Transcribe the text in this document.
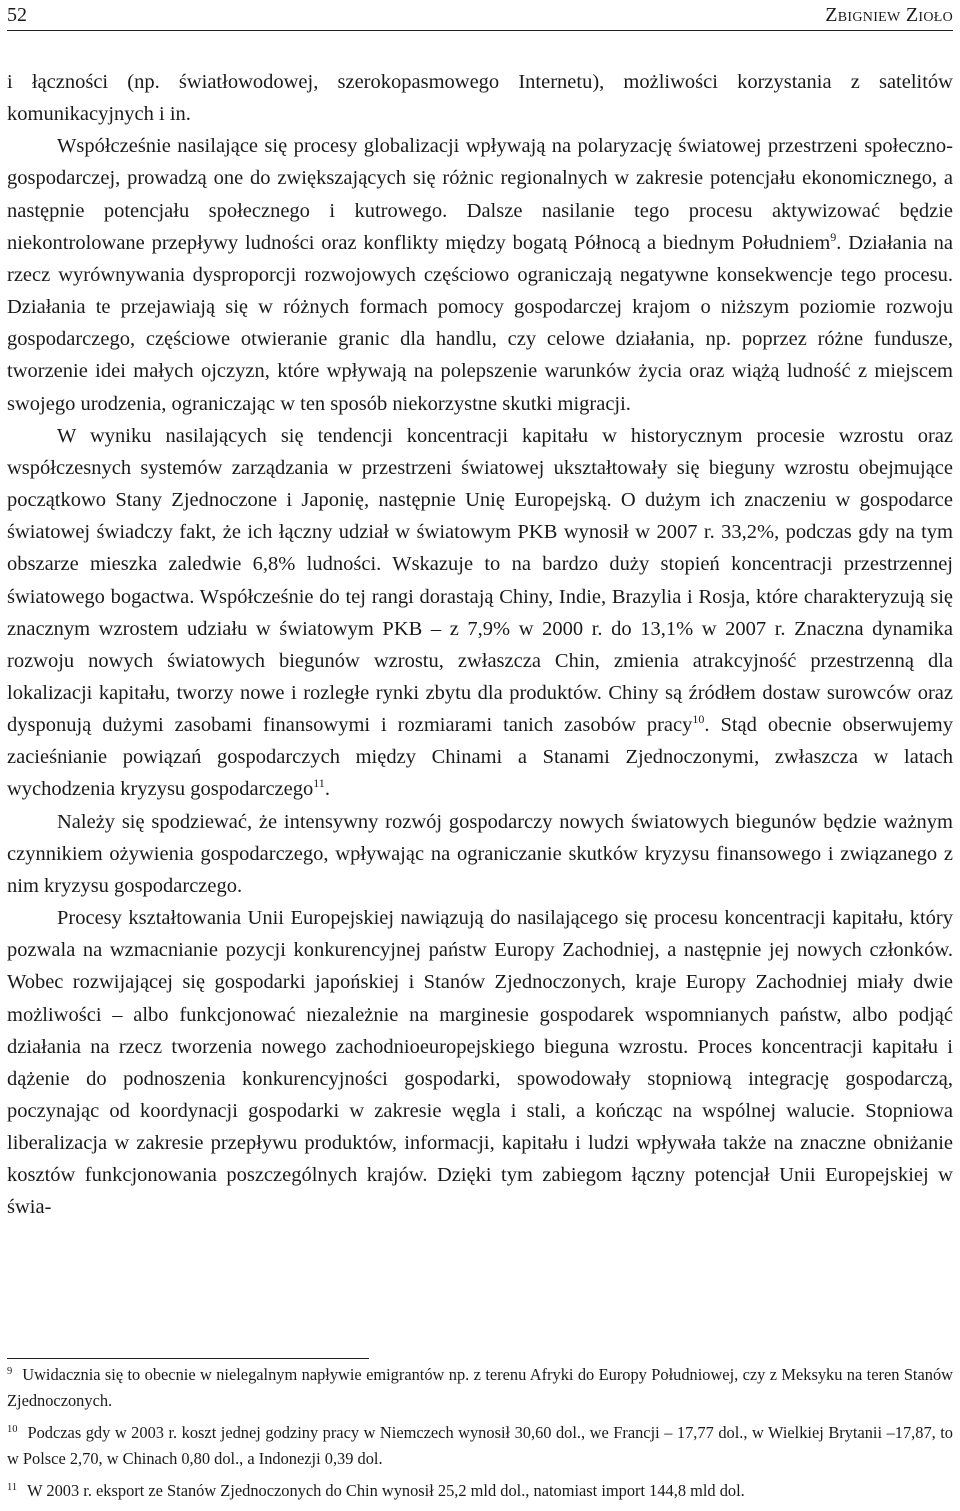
52	Zbigniew Zioło

i łączności (np. światłowodowej, szerokopasmowego Internetu), możliwości korzystania z satelitów komunikacyjnych i in.

Współcześnie nasilające się procesy globalizacji wpływają na polaryzację światowej przestrzeni społeczno-gospodarczej, prowadzą one do zwiększających się różnic regionalnych w zakresie potencjału ekonomicznego, a następnie potencjału społecznego i kutrowego. Dalsze nasilanie tego procesu aktywizować będzie niekontrolowane przepływy ludności oraz konflikty między bogatą Północą a biednym Południem$^9$. Działania na rzecz wyrównywania dysproporcji rozwojowych częściowo ograniczają negatywne konsekwencje tego procesu. Działania te przejawiają się w różnych formach pomocy gospodarczej krajom o niższym poziomie rozwoju gospodarczego, częściowe otwieranie granic dla handlu, czy celowe działania, np. poprzez różne fundusze, tworzenie idei małych ojczyzn, które wpływają na polepszenie warunków życia oraz wiążą ludność z miejscem swojego urodzenia, ograniczając w ten sposób niekorzystne skutki migracji.

W wyniku nasilających się tendencji koncentracji kapitału w historycznym procesie wzrostu oraz współczesnych systemów zarządzania w przestrzeni światowej ukształtowały się bieguny wzrostu obejmujące początkowo Stany Zjednoczone i Japonię, następnie Unię Europejską. O dużym ich znaczeniu w gospodarce światowej świadczy fakt, że ich łączny udział w światowym PKB wynosił w 2007 r. 33,2%, podczas gdy na tym obszarze mieszka zaledwie 6,8% ludności. Wskazuje to na bardzo duży stopień koncentracji przestrzennej światowego bogactwa. Współcześnie do tej rangi dorastają Chiny, Indie, Brazylia i Rosja, które charakteryzują się znacznym wzrostem udziału w światowym PKB – z 7,9% w 2000 r. do 13,1% w 2007 r. Znaczna dynamika rozwoju nowych światowych biegunów wzrostu, zwłaszcza Chin, zmienia atrakcyjność przestrzenną dla lokalizacji kapitału, tworzy nowe i rozległe rynki zbytu dla produktów. Chiny są źródłem dostaw surowców oraz dysponują dużymi zasobami finansowymi i rozmiarami tanich zasobów pracy$^{10}$. Stąd obecnie obserwujemy zacieśnianie powiązań gospodarczych między Chinami a Stanami Zjednoczonymi, zwłaszcza w latach wychodzenia kryzysu gospodarczego$^{11}$.

Należy się spodziewać, że intensywny rozwój gospodarczy nowych światowych biegunów będzie ważnym czynnikiem ożywienia gospodarczego, wpływając na ograniczanie skutków kryzysu finansowego i związanego z nim kryzysu gospodarczego.

Procesy kształtowania Unii Europejskiej nawiązują do nasilającego się procesu koncentracji kapitału, który pozwala na wzmacnianie pozycji konkurencyjnej państw Europy Zachodniej, a następnie jej nowych członków. Wobec rozwijającej się gospodarki japońskiej i Stanów Zjednoczonych, kraje Europy Zachodniej miały dwie możliwości – albo funkcjonować niezależnie na marginesie gospodarek wspomnianych państw, albo podjąć działania na rzecz tworzenia nowego zachodnioeuropejskiego bieguna wzrostu. Proces koncentracji kapitału i dążenie do podnoszenia konkurencyjności gospodarki, spowodowały stopniową integrację gospodarczą, poczynając od koordynacji gospodarki w zakresie węgla i stali, a kończąc na wspólnej walucie. Stopniowa liberalizacja w zakresie przepływu produktów, informacji, kapitału i ludzi wpływała także na znaczne obniżanie kosztów funkcjonowania poszczególnych krajów. Dzięki tym zabiegom łączny potencjał Unii Europejskiej w świa-

$^9$ Uwidacznia się to obecnie w nielegalnym napływie emigrantów np. z terenu Afryki do Europy Południowej, czy z Meksyku na teren Stanów Zjednoczonych.

$^{10}$ Podczas gdy w 2003 r. koszt jednej godziny pracy w Niemczech wynosił 30,60 dol., we Francji – 17,77 dol., w Wielkiej Brytanii –17,87, to w Polsce 2,70, w Chinach 0,80 dol., a Indonezji 0,39 dol.

$^{11}$ W 2003 r. eksport ze Stanów Zjednoczonych do Chin wynosił 25,2 mld dol., natomiast import 144,8 mld dol.
